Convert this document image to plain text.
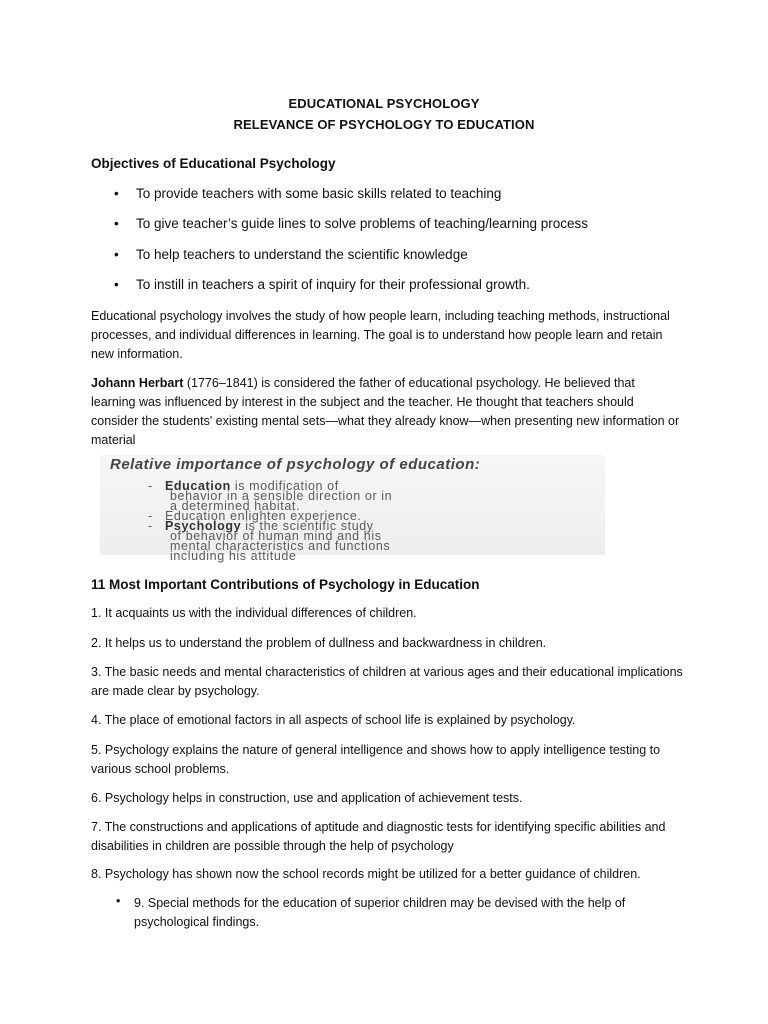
EDUCATIONAL PSYCHOLOGY
RELEVANCE OF PSYCHOLOGY TO EDUCATION
Objectives of Educational Psychology
• To provide teachers with some basic skills related to teaching
• To give teacher’s guide lines to solve problems of teaching/learning process
• To help teachers to understand the scientific knowledge
• To instill in teachers a spirit of inquiry for their professional growth.
Educational psychology involves the study of how people learn, including teaching methods, instructional processes, and individual differences in learning. The goal is to understand how people learn and retain new information.
Johann Herbart (1776–1841) is considered the father of educational psychology. He believed that learning was influenced by interest in the subject and the teacher. He thought that teachers should consider the students' existing mental sets—what they already know—when presenting new information or material
Relative importance of psychology of education:
- Education is modification of
behavior in a sensible direction or in
a determined habitat.
- Education enlighten experience.
- Psychology is the scientific study
of behavior of human mind and his
mental characteristics and functions
including his attitude
11 Most Important Contributions of Psychology in Education
1. It acquaints us with the individual differences of children.
2. It helps us to understand the problem of dullness and backwardness in children.
3. The basic needs and mental characteristics of children at various ages and their educational implications are made clear by psychology.
4. The place of emotional factors in all aspects of school life is explained by psychology.
5. Psychology explains the nature of general intelligence and shows how to apply intelligence testing to various school problems.
6. Psychology helps in construction, use and application of achievement tests.
7. The constructions and applications of aptitude and diagnostic tests for identifying specific abilities and disabilities in children are possible through the help of psychology
8. Psychology has shown now the school records might be utilized for a better guidance of children.
• 9. Special methods for the education of superior children may be devised with the help of psychological findings.
